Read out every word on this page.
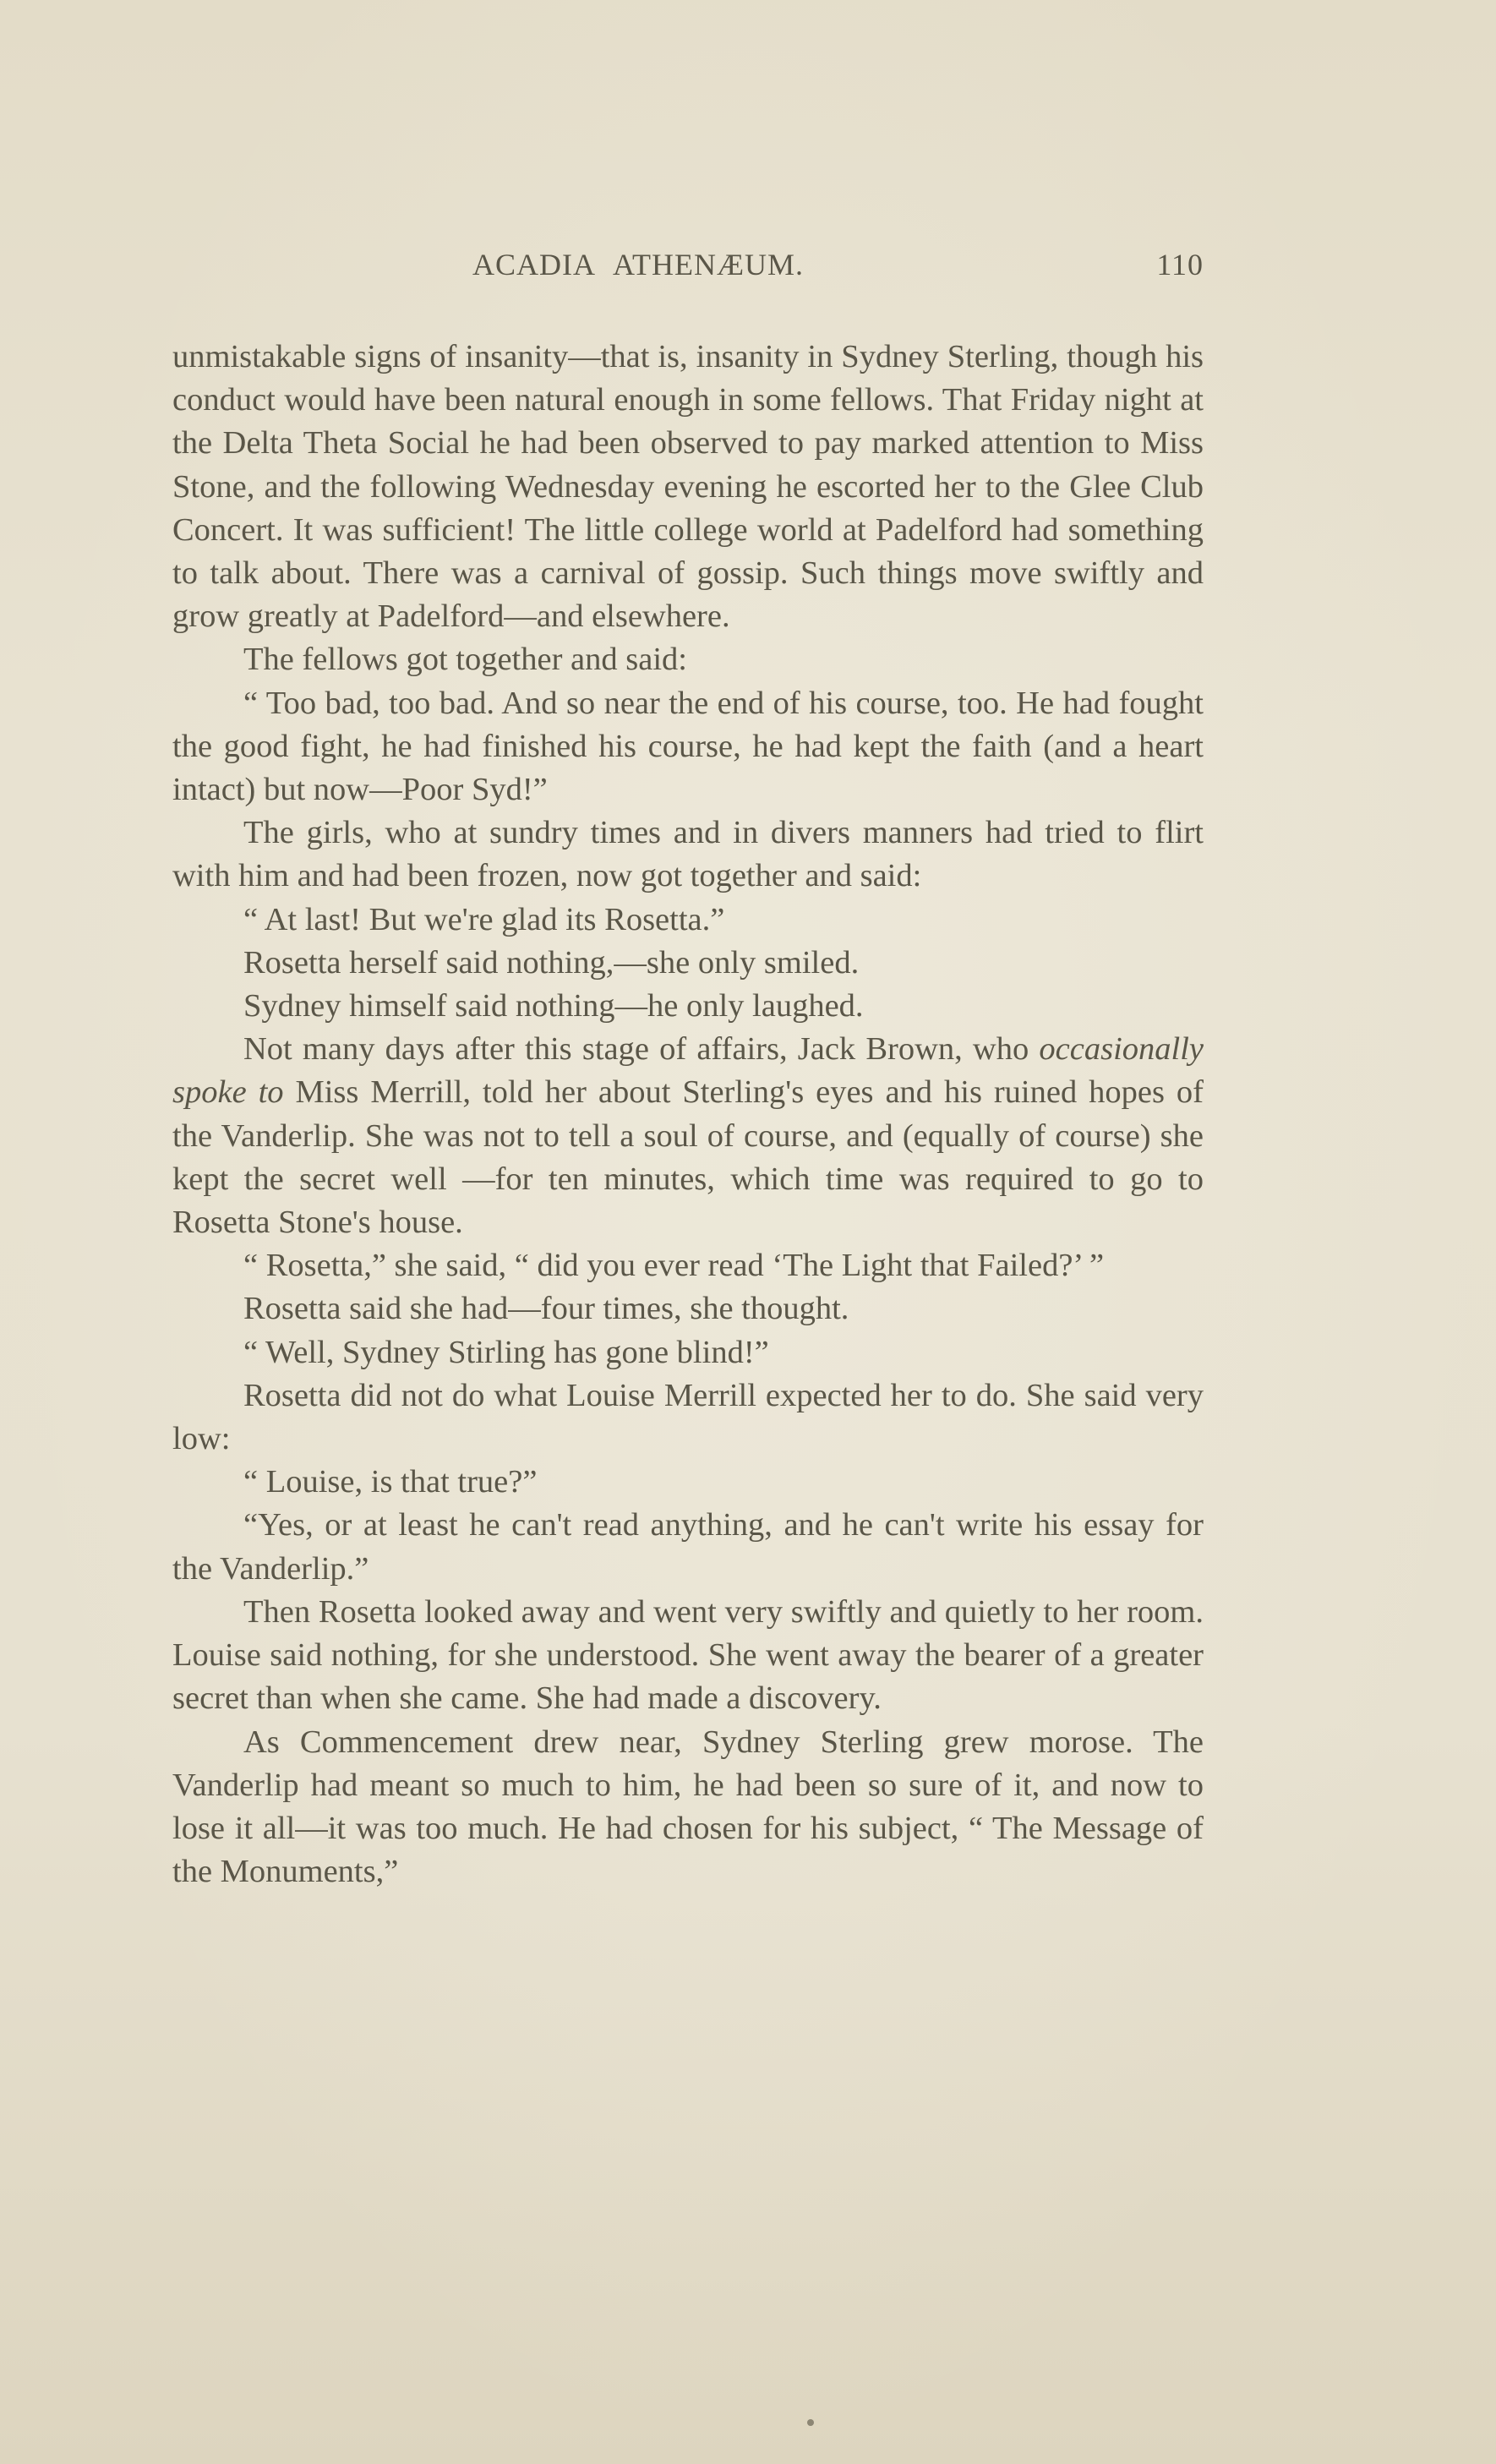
ACADIA ATHENÆUM.	110

unmistakable signs of insanity—that is, insanity in Sydney Sterling, though his conduct would have been natural enough in some fellows. That Friday night at the Delta Theta Social he had been observed to pay marked attention to Miss Stone, and the following Wednesday evening he escorted her to the Glee Club Concert. It was sufficient! The little college world at Padelford had something to talk about. There was a carnival of gossip. Such things move swiftly and grow greatly at Padelford—and elsewhere.

The fellows got together and said:

“ Too bad, too bad. And so near the end of his course, too. He had fought the good fight, he had finished his course, he had kept the faith (and a heart intact) but now—Poor Syd!”

The girls, who at sundry times and in divers manners had tried to flirt with him and had been frozen, now got together and said:

“ At last! But we're glad its Rosetta.”

Rosetta herself said nothing,—she only smiled.

Sydney himself said nothing—he only laughed.

Not many days after this stage of affairs, Jack Brown, who occasionally spoke to Miss Merrill, told her about Sterling's eyes and his ruined hopes of the Vanderlip. She was not to tell a soul of course, and (equally of course) she kept the secret well —for ten minutes, which time was required to go to Rosetta Stone's house.

“ Rosetta,” she said, “ did you ever read ‘The Light that Failed?’ ”

Rosetta said she had—four times, she thought.

“ Well, Sydney Stirling has gone blind!”

Rosetta did not do what Louise Merrill expected her to do. She said very low:

“ Louise, is that true?”

“Yes, or at least he can't read anything, and he can't write his essay for the Vanderlip.”

Then Rosetta looked away and went very swiftly and quietly to her room. Louise said nothing, for she understood. She went away the bearer of a greater secret than when she came. She had made a discovery.

As Commencement drew near, Sydney Sterling grew morose. The Vanderlip had meant so much to him, he had been so sure of it, and now to lose it all—it was too much. He had chosen for his subject, “ The Message of the Monuments,”
